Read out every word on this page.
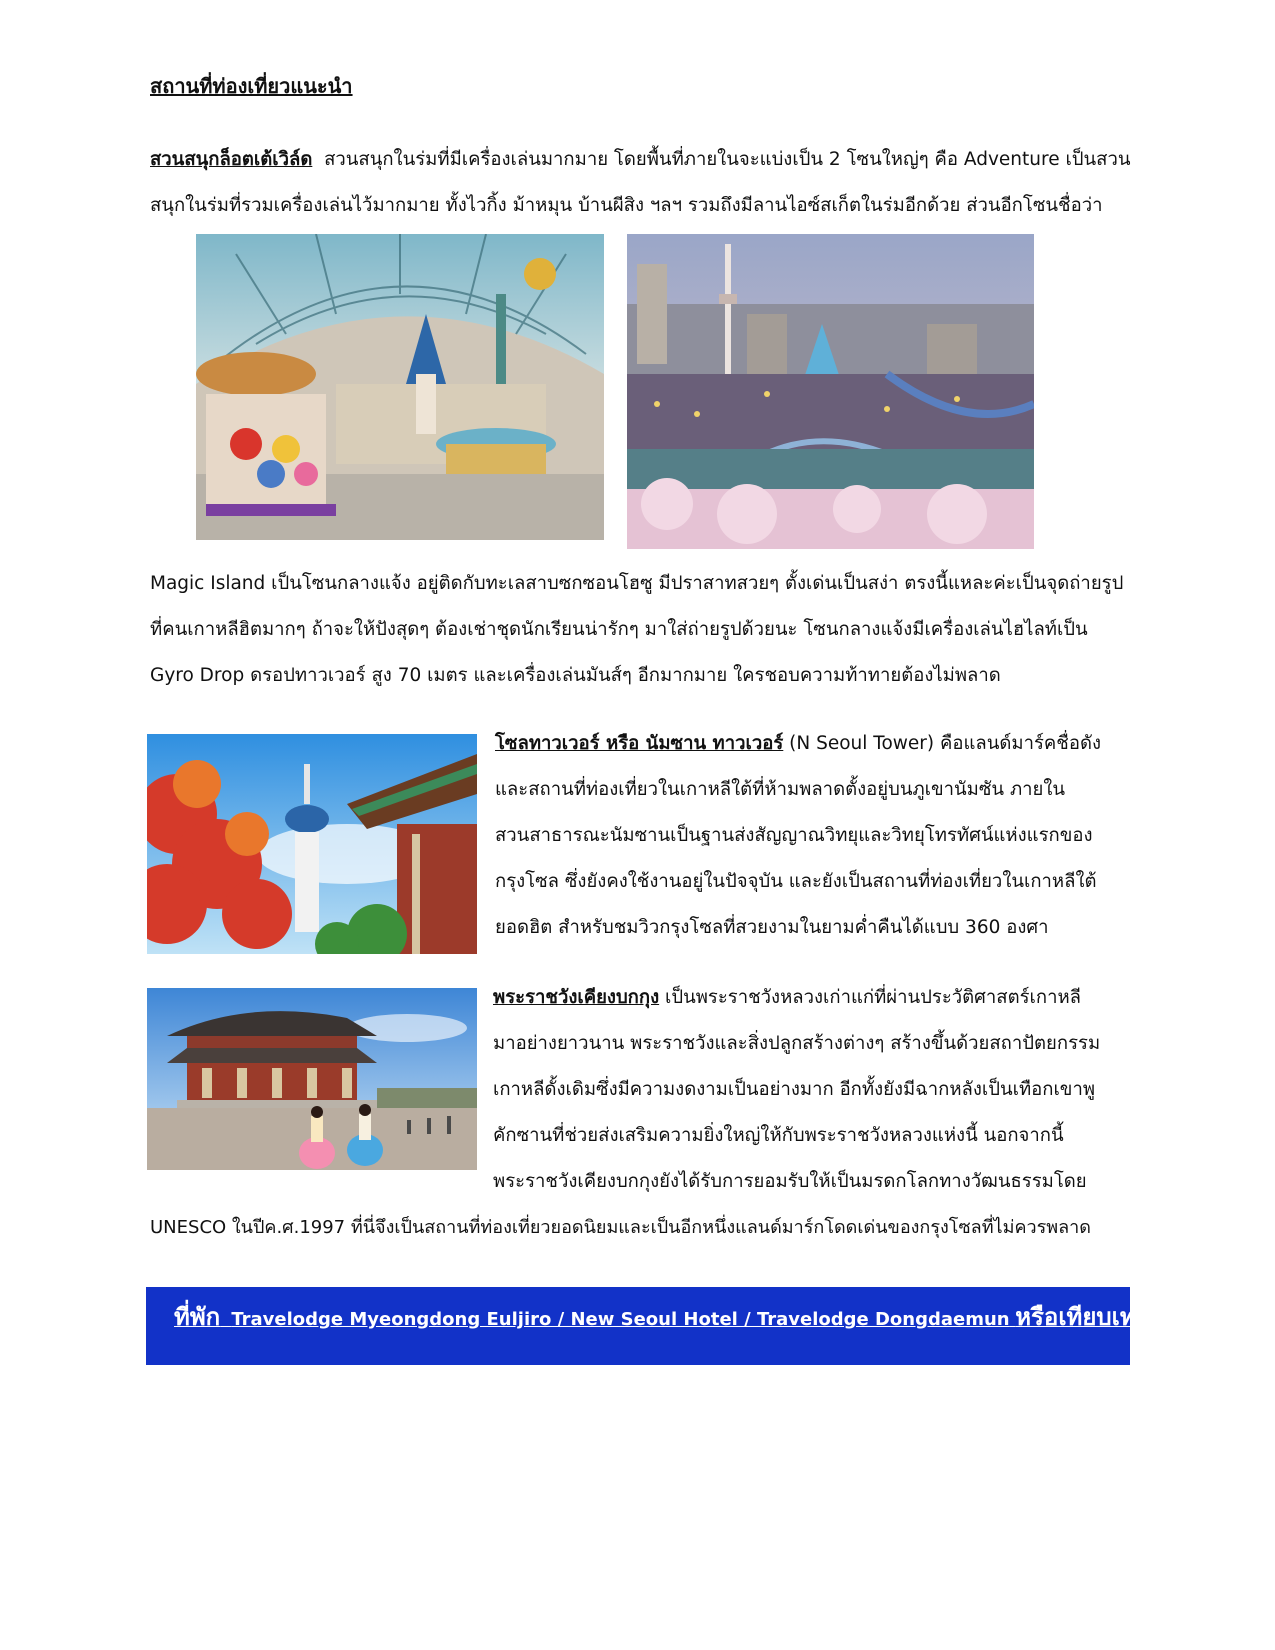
สถานที่ท่องเที่ยวแนะนำ
สวนสนุกล็อตเต้เวิล์ด สวนสนุกในร่มที่มีเครื่องเล่นมากมาย โดยพื้นที่ภายในจะแบ่งเป็น 2 โซนใหญ่ๆ คือ Adventure เป็นสวน
สนุกในร่มที่รวมเครื่องเล่นไว้มากมาย ทั้งไวกิ้ง ม้าหมุน บ้านผีสิง ฯลฯ รวมถึงมีลานไอซ์สเก็ตในร่มอีกด้วย ส่วนอีกโซนชื่อว่า
Magic Island เป็นโซนกลางแจ้ง อยู่ติดกับทะเลสาบซกซอนโฮซู มีปราสาทสวยๆ ตั้งเด่นเป็นสง่า ตรงนี้แหละค่ะเป็นจุดถ่ายรูป
ที่คนเกาหลีฮิตมากๆ ถ้าจะให้ปังสุดๆ ต้องเช่าชุดนักเรียนน่ารักๆ มาใส่ถ่ายรูปด้วยนะ โซนกลางแจ้งมีเครื่องเล่นไฮไลท์เป็น
Gyro Drop ดรอปทาวเวอร์ สูง 70 เมตร และเครื่องเล่นมันส์ๆ อีกมากมาย ใครชอบความท้าทายต้องไม่พลาด
โซลทาวเวอร์ หรือ นัมซาน ทาวเวอร์ (N Seoul Tower) คือแลนด์มาร์คชื่อดัง
และสถานที่ท่องเที่ยวในเกาหลีใต้ที่ห้ามพลาดตั้งอยู่บนภูเขานัมซัน ภายใน
สวนสาธารณะนัมซานเป็นฐานส่งสัญญาณวิทยุและวิทยุโทรทัศน์แห่งแรกของ
กรุงโซล ซึ่งยังคงใช้งานอยู่ในปัจจุบัน และยังเป็นสถานที่ท่องเที่ยวในเกาหลีใต้
ยอดฮิต สำหรับชมวิวกรุงโซลที่สวยงามในยามค่ำคืนได้แบบ 360 องศา
พระราชวังเคียงบกกุง เป็นพระราชวังหลวงเก่าแก่ที่ผ่านประวัติศาสตร์เกาหลี
มาอย่างยาวนาน พระราชวังและสิ่งปลูกสร้างต่างๆ สร้างขึ้นด้วยสถาปัตยกรรม
เกาหลีดั้งเดิมซึ่งมีความงดงามเป็นอย่างมาก อีกทั้งยังมีฉากหลังเป็นเทือกเขาพู
คักซานที่ช่วยส่งเสริมความยิ่งใหญ่ให้กับพระราชวังหลวงแห่งนี้ นอกจากนี้
พระราชวังเคียงบกกุงยังได้รับการยอมรับให้เป็นมรดกโลกทางวัฒนธรรมโดย
UNESCO ในปีค.ศ.1997 ที่นี่จึงเป็นสถานที่ท่องเที่ยวยอดนิยมและเป็นอีกหนึ่งแลนด์มาร์กโดดเด่นของกรุงโซลที่ไม่ควรพลาด
ที่พัก Travelodge Myeongdong Euljiro / New Seoul Hotel / Travelodge Dongdaemun หรือเทียบเท่า
